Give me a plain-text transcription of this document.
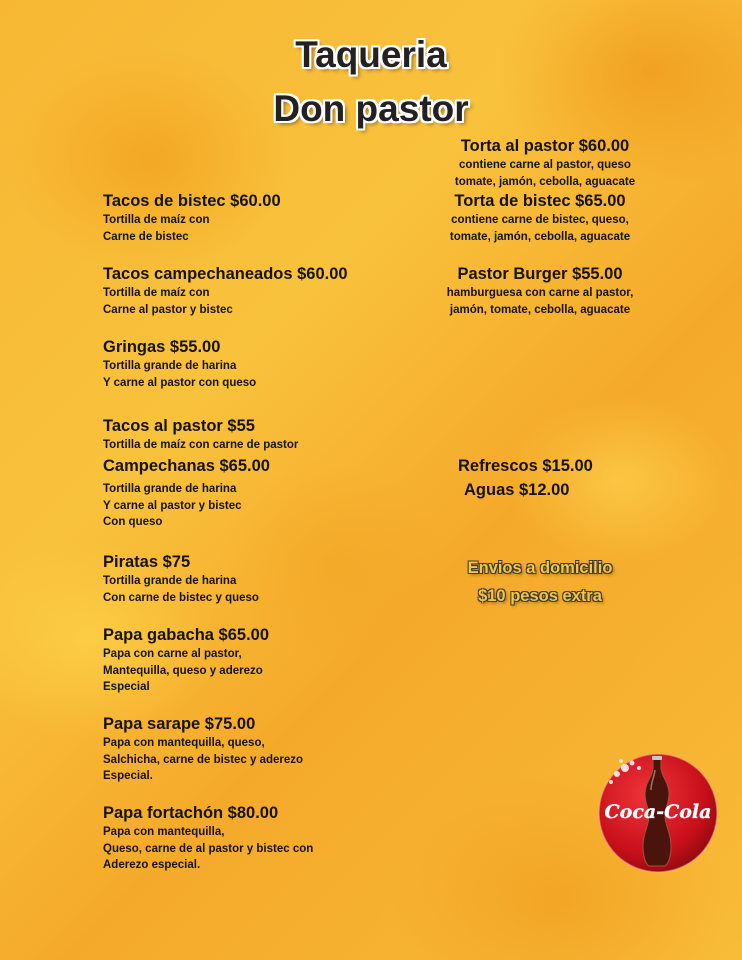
Taqueria
Don pastor
Tacos de bistec $60.00
Tortilla de maíz con
Carne de bistec
Tacos campechaneados $60.00
Tortilla de maíz con
Carne al pastor y bistec
Gringas $55.00
Tortilla grande de harina
Y carne al pastor con queso
Tacos al pastor $55
Tortilla de maíz con carne de pastor
Campechanas $65.00
Tortilla grande de harina
Y carne al pastor y bistec
Con queso
Piratas $75
Tortilla grande de harina
Con carne de bistec y queso
Papa gabacha $65.00
Papa con carne al pastor,
Mantequilla, queso y aderezo
Especial
Papa sarape $75.00
Papa con mantequilla, queso,
Salchicha, carne de bistec y aderezo
Especial.
Papa fortachón $80.00
Papa con mantequilla,
Queso, carne de al pastor y bistec con
Aderezo especial.
Torta al pastor $60.00
contiene carne al pastor, queso
tomate, jamón, cebolla, aguacate
Torta de bistec $65.00
contiene carne de bistec, queso,
tomate, jamón, cebolla, aguacate
Pastor Burger $55.00
hamburguesa con carne al pastor,
jamón, tomate, cebolla, aguacate
Refrescos $15.00
Aguas $12.00
Envios a domicilio
$10 pesos extra
Coca-Cola
